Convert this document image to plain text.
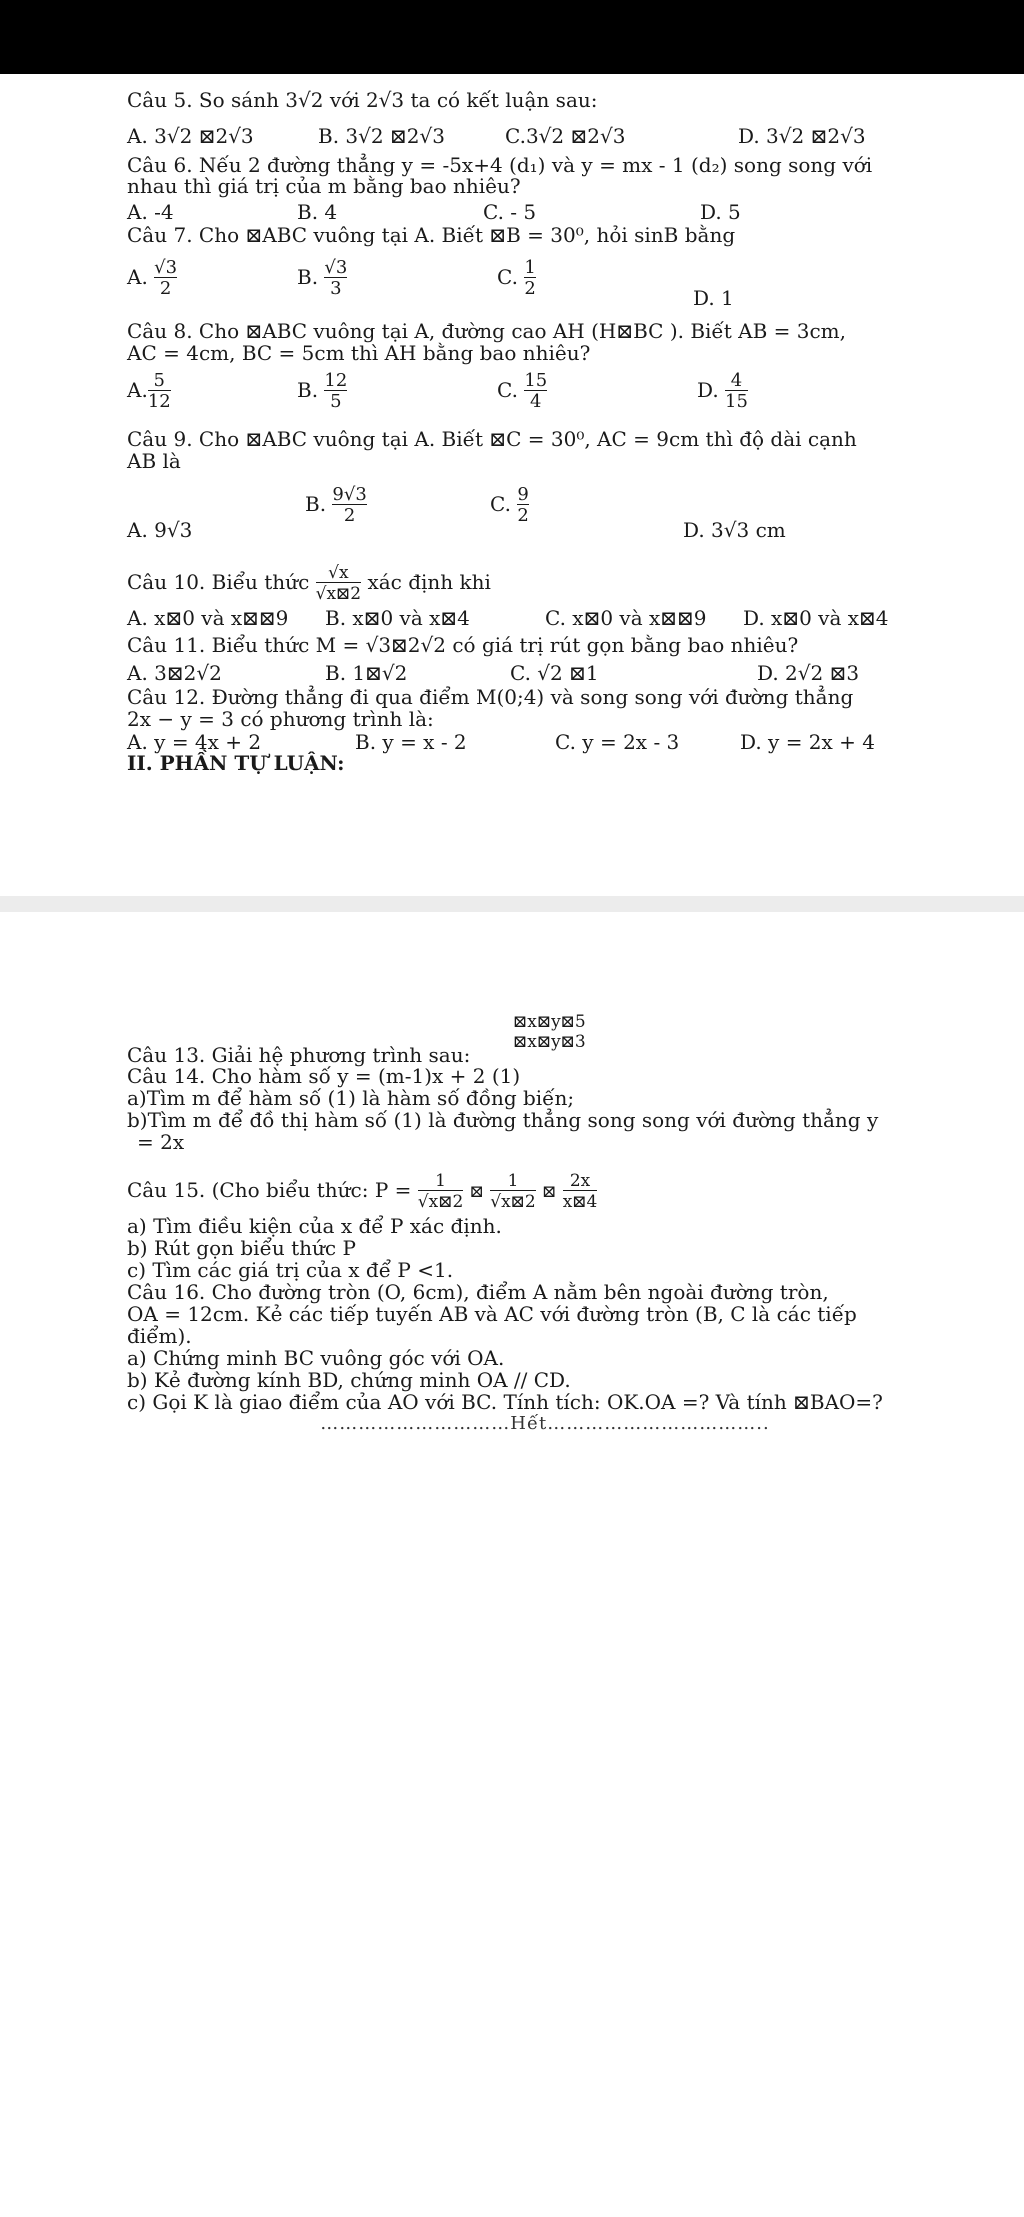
Câu 5. So sánh 3√2 với 2√3 ta có kết luận sau:
A. 3√2 ⊠2√3	B. 3√2 ⊠2√3	C.3√2 ⊠2√3	D. 3√2 ⊠2√3
Câu 6. Nếu 2 đường thẳng y = -5x+4 (d₁) và y = mx - 1 (d₂) song song với
nhau thì giá trị của m bằng bao nhiêu?
A. -4	B. 4	C. - 5	D. 5
Câu 7. Cho ⊠ABC vuông tại A. Biết ⊠B = 30⁰, hỏi sinB bằng
A. $\frac{√3}{2}$	B. $\frac{√3}{3}$	C. $\frac{1}{2}$	D. 1
Câu 8. Cho ⊠ABC vuông tại A, đường cao AH (H⊠BC ). Biết AB = 3cm,
AC = 4cm, BC = 5cm thì AH bằng bao nhiêu?
A. $\frac{5}{12}$	B. $\frac{12}{5}$	C. $\frac{15}{4}$	D. $\frac{4}{15}$
Câu 9. Cho ⊠ABC vuông tại A. Biết ⊠C = 30⁰, AC = 9cm thì độ dài cạnh
AB là
A. 9√3
B. $\frac{9√3}{2}$	C. $\frac{9}{2}$
D. 3√3 cm
Câu 10. Biểu thức $\frac{√x}{√x⊠2}$ xác định khi
A. x⊠0 và x⊠⊠9 B. x⊠0 và x⊠4	C. x⊠0 và x⊠⊠9 D. x⊠0 và x⊠4
Câu 11. Biểu thức M = √3⊠2√2 có giá trị rút gọn bằng bao nhiêu?
A. 3⊠2√2	B. 1⊠√2	C. √2 ⊠1	D. 2√2 ⊠3
Câu 12. Đường thẳng đi qua điểm M(0;4) và song song với đường thẳng
2x − y = 3 có phương trình là:
A. y = 4x + 2	B. y = x - 2	C. y = 2x - 3	D. y = 2x + 4
II. PHẦN TỰ LUẬN:
Câu 13. Giải hệ phương trình sau:
⊠x⊠y⊠5
⊠x⊠y⊠3
Câu 14. Cho hàm số y = (m-1)x + 2 (1)
a)Tìm m để hàm số (1) là hàm số đồng biến;
b)Tìm m để đồ thị hàm số (1) là đường thẳng song song với đường thẳng y
= 2x
Câu 15. (Cho biểu thức: $P = \frac{1}{√x⊠2}$ ⊠ $\frac{1}{√x⊠2}$ ⊠ $\frac{2x}{x⊠4}$
a) Tìm điều kiện của x để P xác định.
b) Rút gọn biểu thức P
c) Tìm các giá trị của x để P <1.
Câu 16. Cho đường tròn (O, 6cm), điểm A nằm bên ngoài đường tròn,
OA = 12cm. Kẻ các tiếp tuyến AB và AC với đường tròn (B, C là các tiếp
điểm).
a) Chứng minh BC vuông góc với OA.
b) Kẻ đường kính BD, chứng minh OA // CD.
c) Gọi K là giao điểm của AO với BC. Tính tích: OK.OA =? Và tính ⊠BAO=?
…………………………Hết……………………………..
